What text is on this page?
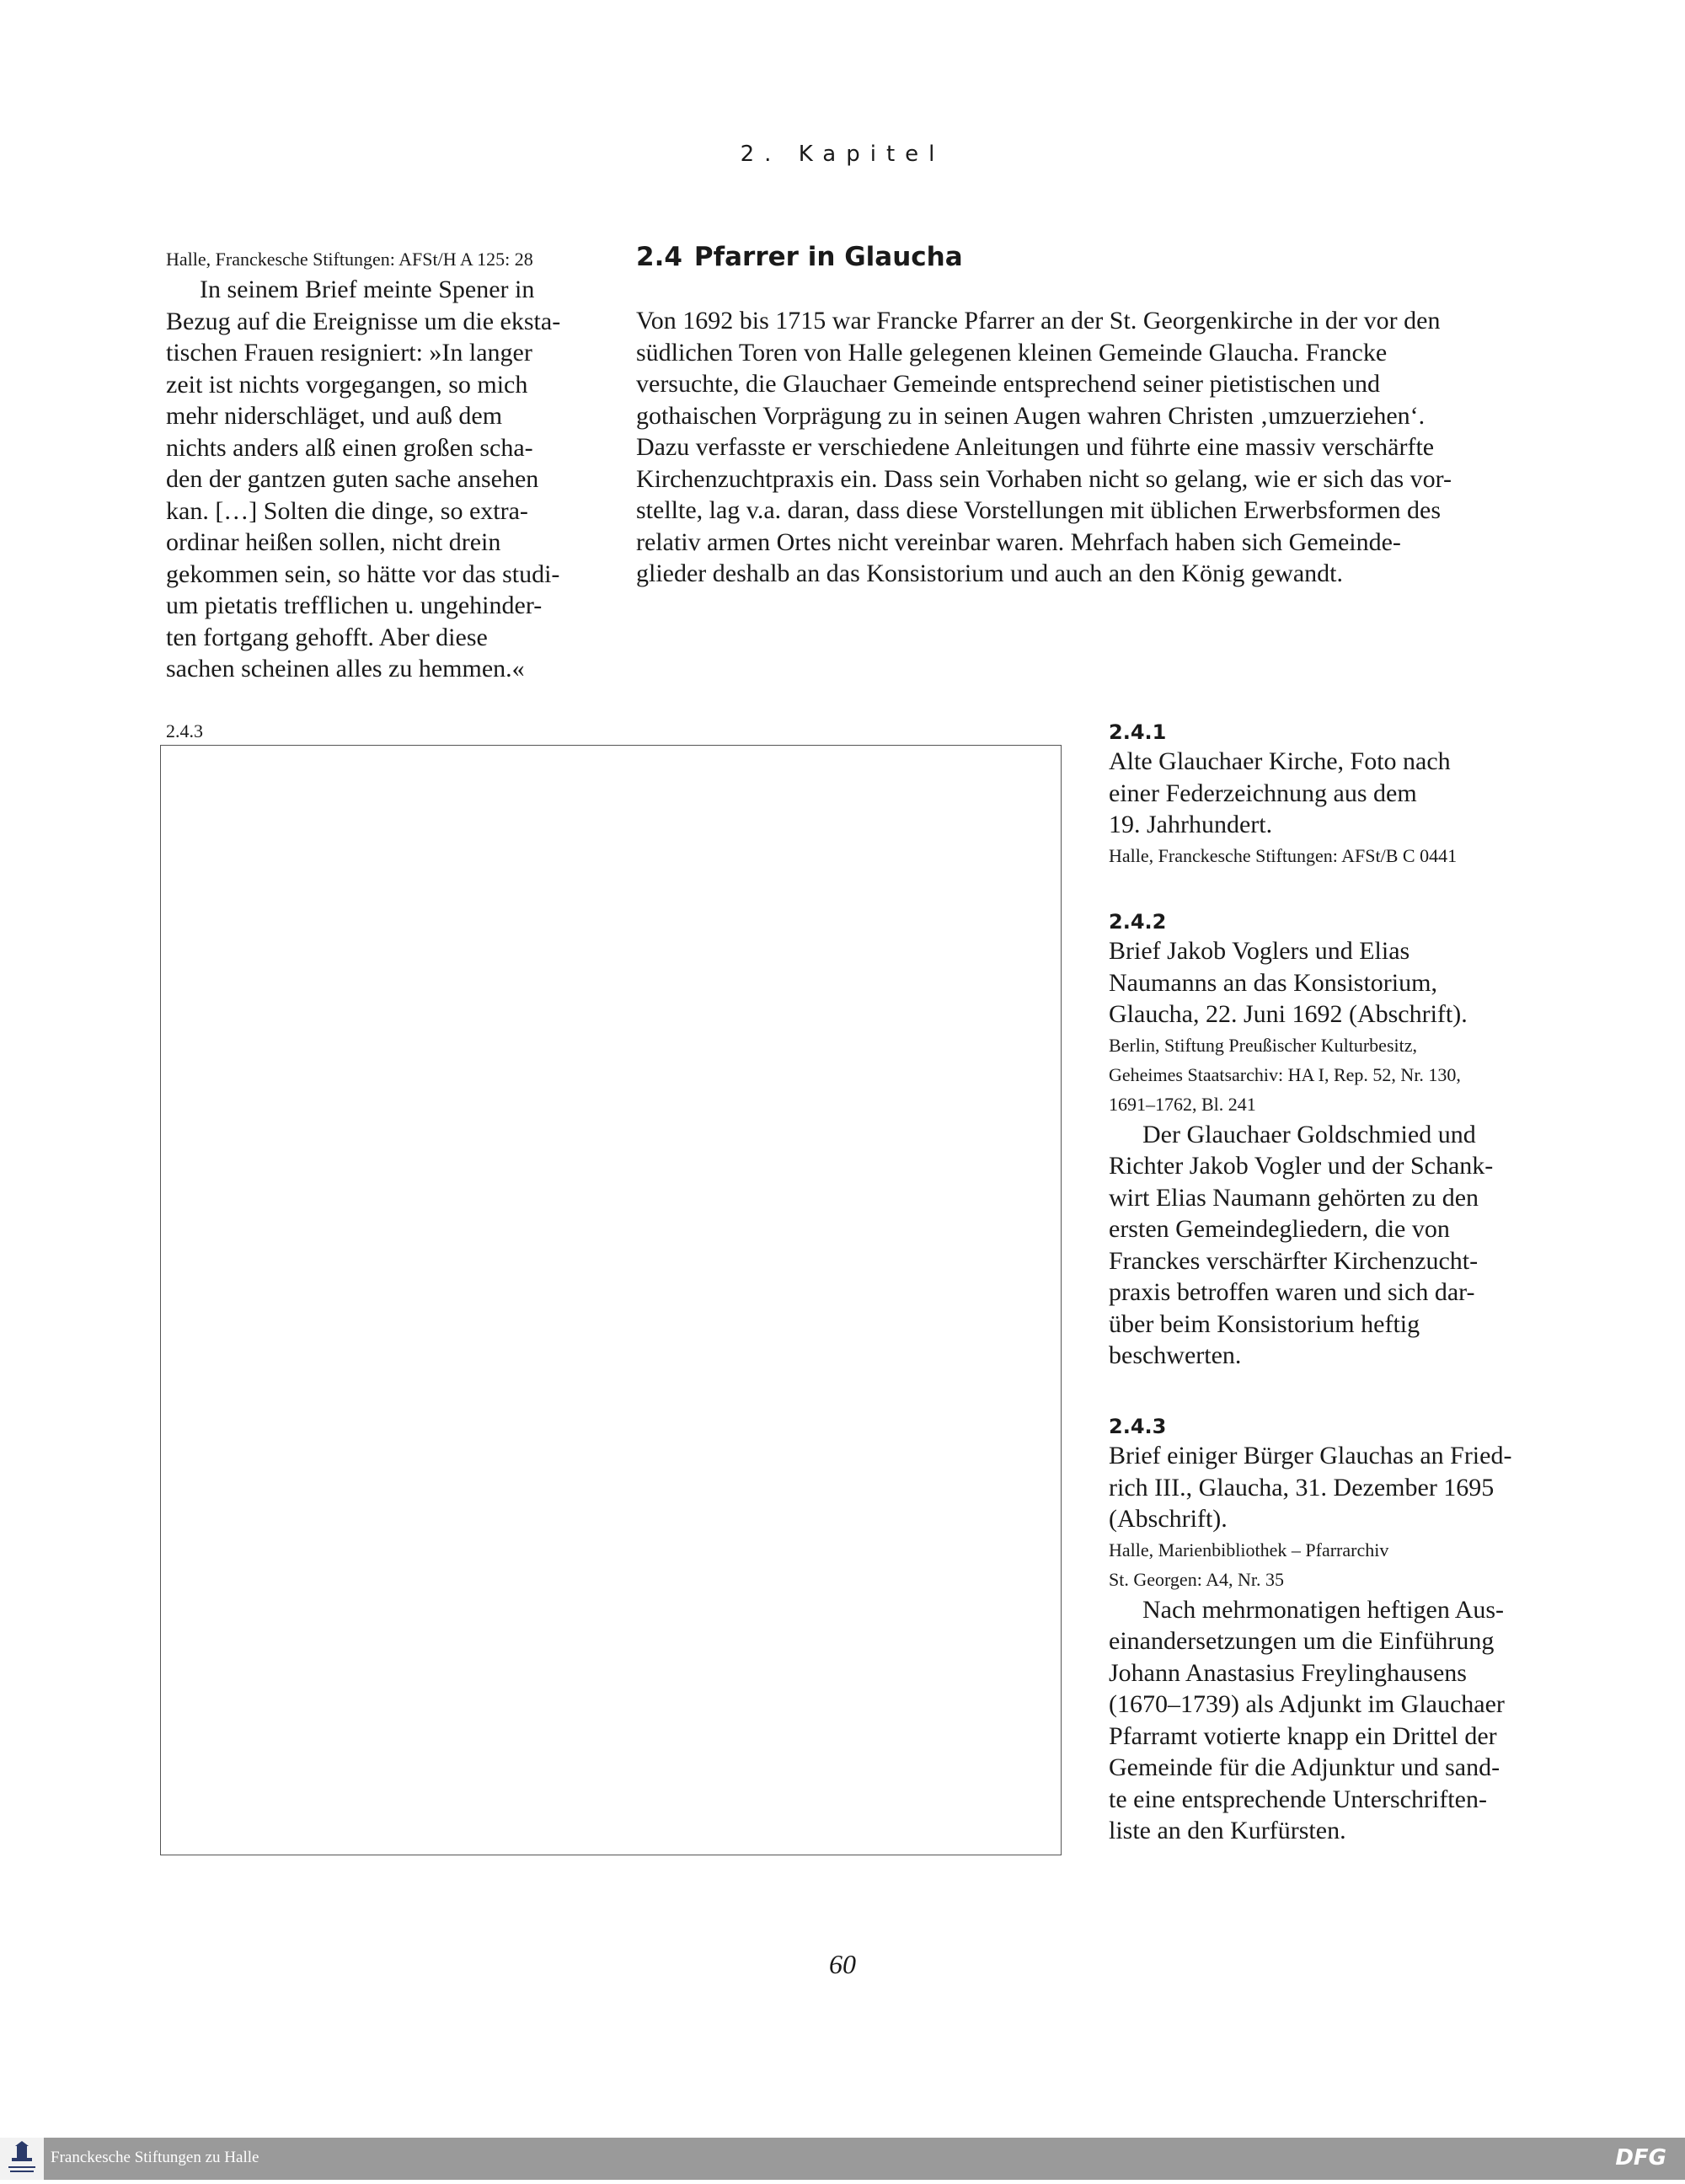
2. Kapitel
Halle, Franckesche Stiftungen: AFSt/H A 125: 28
In seinem Brief meinte Spener in
Bezug auf die Ereignisse um die eksta-
tischen Frauen resigniert: »In langer
zeit ist nichts vorgegangen, so mich
mehr niderschläget, und auß dem
nichts anders alß einen großen scha-
den der gantzen guten sache ansehen
kan. […] Solten die dinge, so extra-
ordinar heißen sollen, nicht drein
gekommen sein, so hätte vor das studi-
um pietatis trefflichen u. ungehinder-
ten fortgang gehofft. Aber diese
sachen scheinen alles zu hemmen.«
2.4 Pfarrer in Glaucha
Von 1692 bis 1715 war Francke Pfarrer an der St. Georgenkirche in der vor den
südlichen Toren von Halle gelegenen kleinen Gemeinde Glaucha. Francke
versuchte, die Glauchaer Gemeinde entsprechend seiner pietistischen und
gothaischen Vorprägung zu in seinen Augen wahren Christen ‚umzuerziehen‘.
Dazu verfasste er verschiedene Anleitungen und führte eine massiv verschärfte
Kirchenzuchtpraxis ein. Dass sein Vorhaben nicht so gelang, wie er sich das vor-
stellte, lag v.a. daran, dass diese Vorstellungen mit üblichen Erwerbsformen des
relativ armen Ortes nicht vereinbar waren. Mehrfach haben sich Gemeinde-
glieder deshalb an das Konsistorium und auch an den König gewandt.
2.4.3	2.4.1
Alte Glauchaer Kirche, Foto nach
einer Federzeichnung aus dem
19. Jahrhundert.
Halle, Franckesche Stiftungen: AFSt/B C 0441
2.4.2
Brief Jakob Voglers und Elias
Naumanns an das Konsistorium,
Glaucha, 22. Juni 1692 (Abschrift).
Berlin, Stiftung Preußischer Kulturbesitz,
Geheimes Staatsarchiv: HA I, Rep. 52, Nr. 130,
1691–1762, Bl. 241
Der Glauchaer Goldschmied und
Richter Jakob Vogler und der Schank-
wirt Elias Naumann gehörten zu den
ersten Gemeindegliedern, die von
Franckes verschärfter Kirchenzucht-
praxis betroffen waren und sich dar-
über beim Konsistorium heftig
beschwerten.
2.4.3
Brief einiger Bürger Glauchas an Fried-
rich III., Glaucha, 31. Dezember 1695
(Abschrift).
Halle, Marienbibliothek – Pfarrarchiv
St. Georgen: A4, Nr. 35
Nach mehrmonatigen heftigen Aus-
einandersetzungen um die Einführung
Johann Anastasius Freylinghausens
(1670–1739) als Adjunkt im Glauchaer
Pfarramt votierte knapp ein Drittel der
Gemeinde für die Adjunktur und sand-
te eine entsprechende Unterschriften-
liste an den Kurfürsten.
60
Franckesche Stiftungen zu Halle	DFG
